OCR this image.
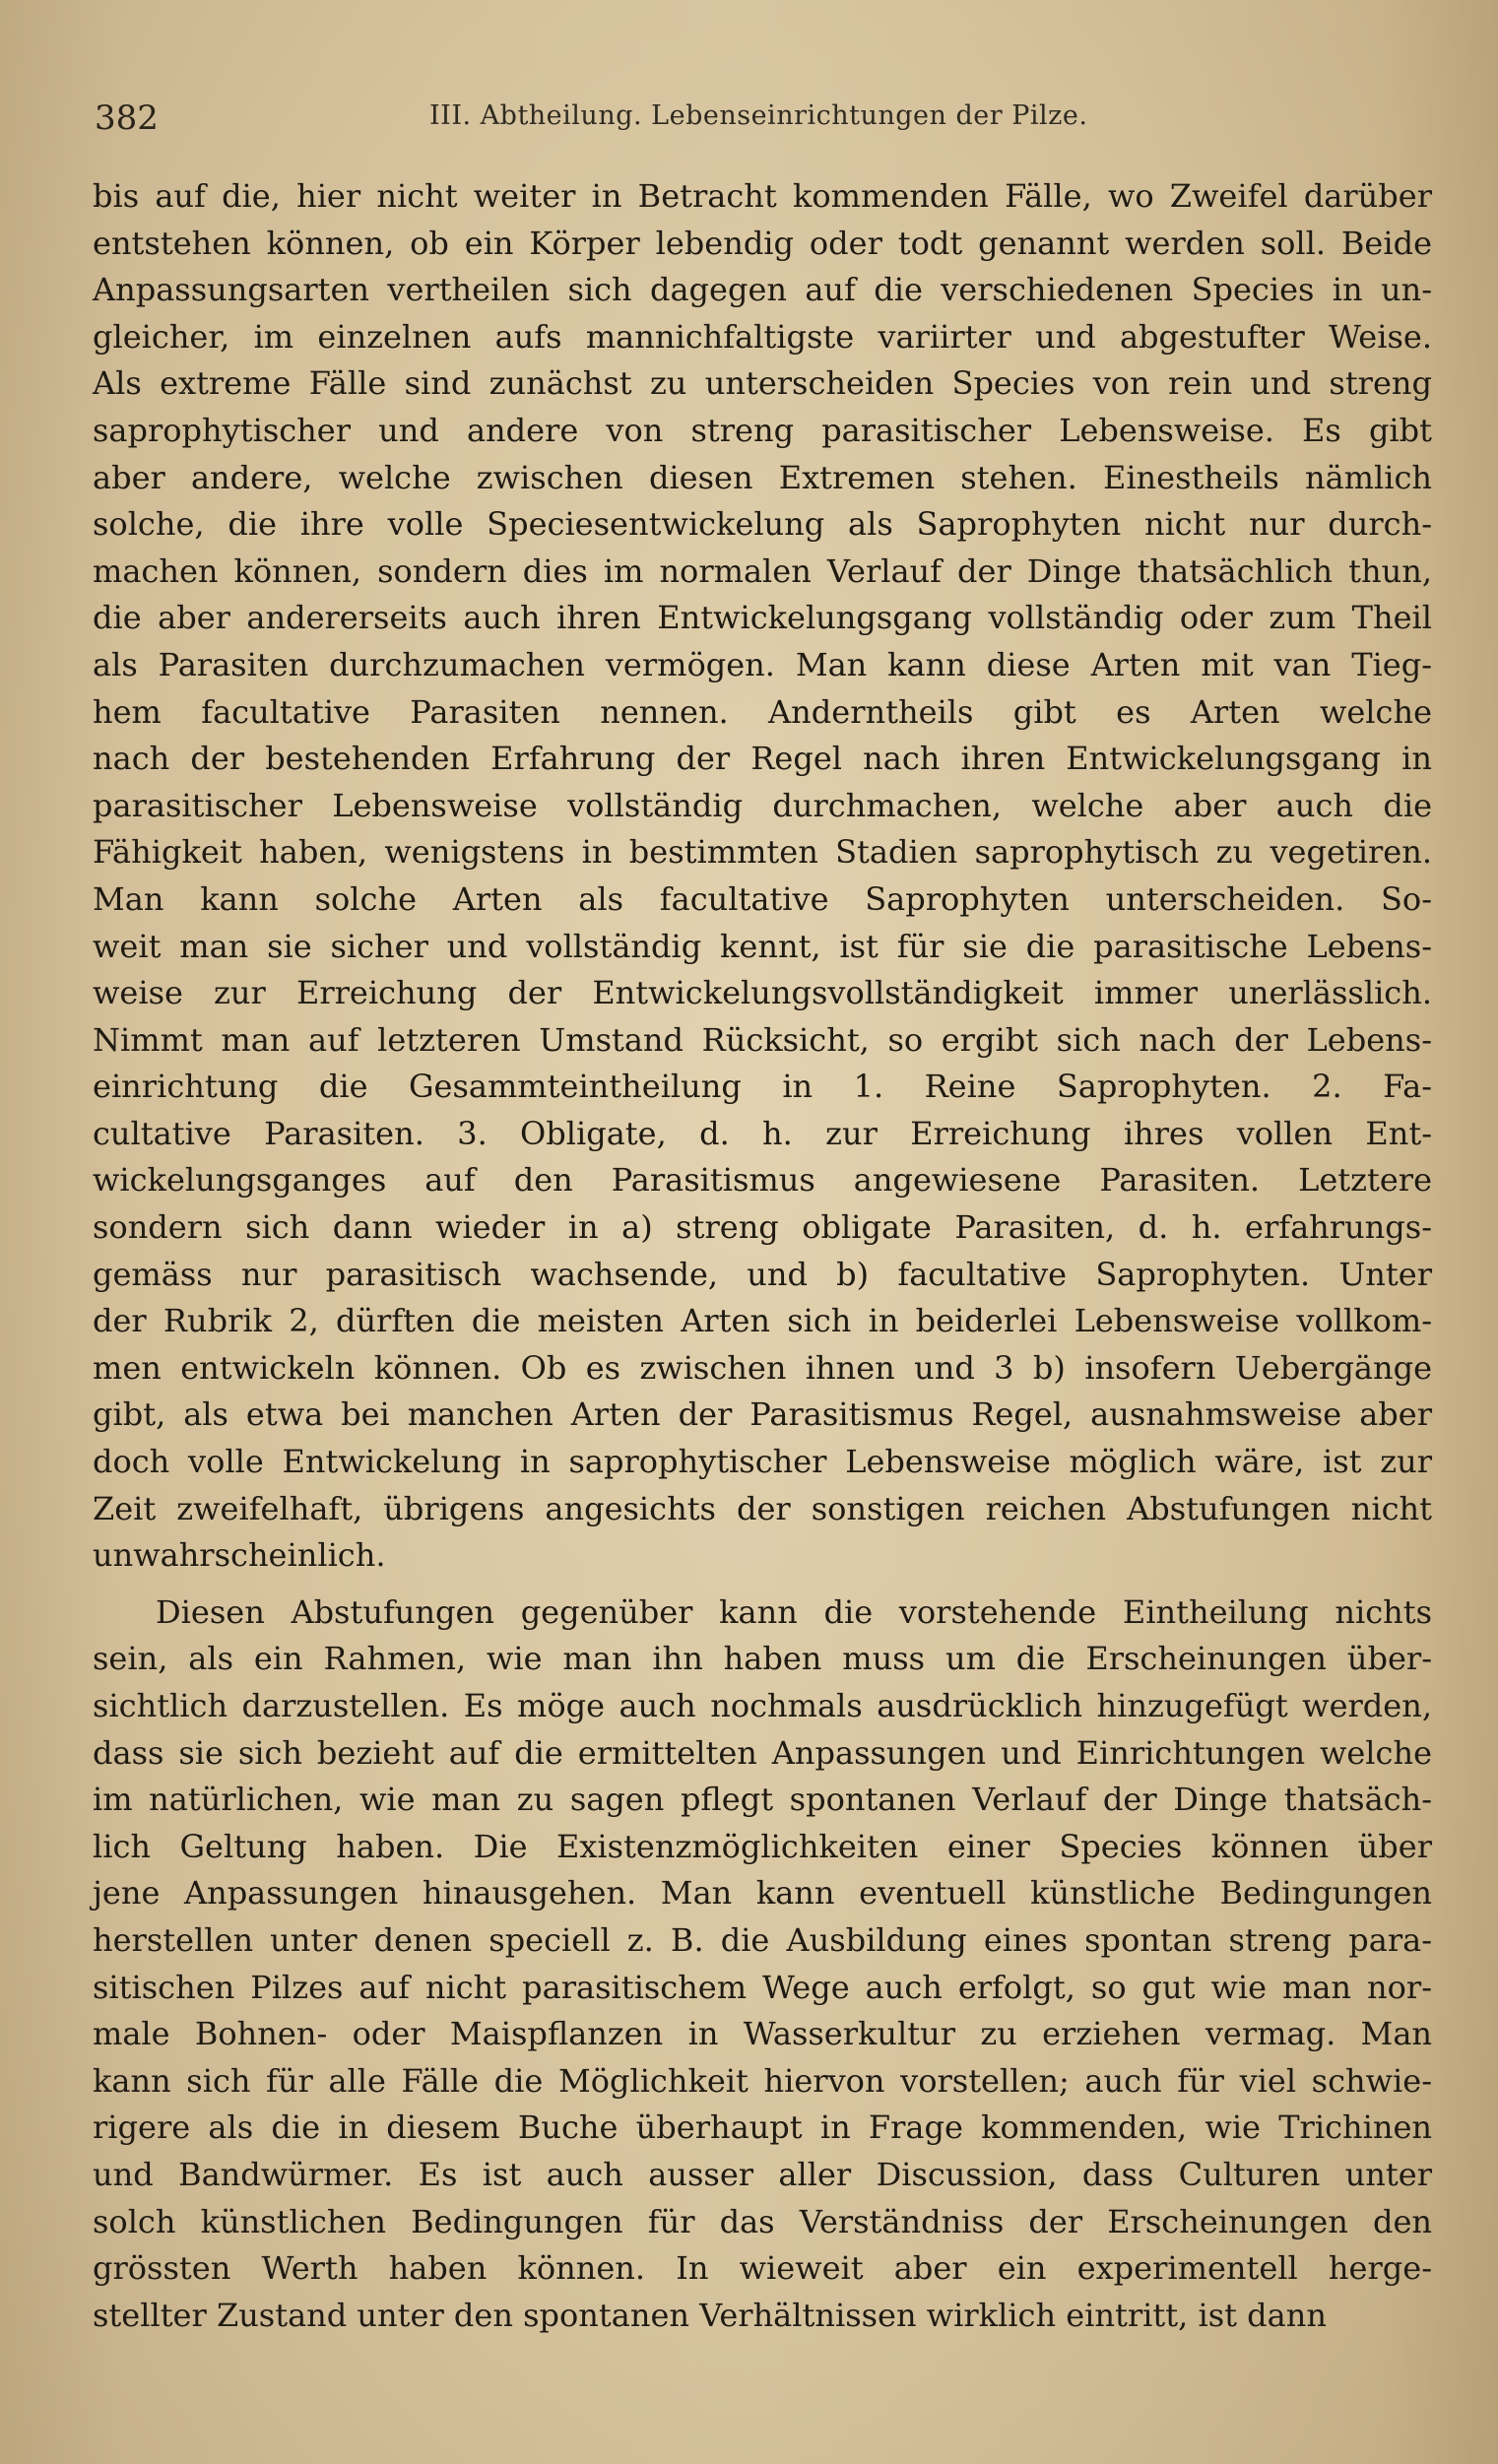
382	III. Abtheilung. Lebenseinrichtungen der Pilze.
bis auf die, hier nicht weiter in Betracht kommenden Fälle, wo Zweifel darüber
entstehen können, ob ein Körper lebendig oder todt genannt werden soll. Beide
Anpassungsarten vertheilen sich dagegen auf die verschiedenen Species in un-
gleicher, im einzelnen aufs mannichfaltigste variirter und abgestufter Weise.
Als extreme Fälle sind zunächst zu unterscheiden Species von rein und streng
saprophytischer und andere von streng parasitischer Lebensweise. Es gibt
aber andere, welche zwischen diesen Extremen stehen. Einestheils nämlich
solche, die ihre volle Speciesentwickelung als Saprophyten nicht nur durch-
machen können, sondern dies im normalen Verlauf der Dinge thatsächlich thun,
die aber andererseits auch ihren Entwickelungsgang vollständig oder zum Theil
als Parasiten durchzumachen vermögen. Man kann diese Arten mit van Tieg-
hem facultative Parasiten nennen. Anderntheils gibt es Arten welche
nach der bestehenden Erfahrung der Regel nach ihren Entwickelungsgang in
parasitischer Lebensweise vollständig durchmachen, welche aber auch die
Fähigkeit haben, wenigstens in bestimmten Stadien saprophytisch zu vegetiren.
Man kann solche Arten als facultative Saprophyten unterscheiden. So-
weit man sie sicher und vollständig kennt, ist für sie die parasitische Lebens-
weise zur Erreichung der Entwickelungsvollständigkeit immer unerlässlich.
Nimmt man auf letzteren Umstand Rücksicht, so ergibt sich nach der Lebens-
einrichtung die Gesammteintheilung in 1. Reine Saprophyten. 2. Fa-
cultative Parasiten. 3. Obligate, d. h. zur Erreichung ihres vollen Ent-
wickelungsganges auf den Parasitismus angewiesene Parasiten. Letztere
sondern sich dann wieder in a) streng obligate Parasiten, d. h. erfahrungs-
gemäss nur parasitisch wachsende, und b) facultative Saprophyten. Unter
der Rubrik 2, dürften die meisten Arten sich in beiderlei Lebensweise vollkom-
men entwickeln können. Ob es zwischen ihnen und 3 b) insofern Uebergänge
gibt, als etwa bei manchen Arten der Parasitismus Regel, ausnahmsweise aber
doch volle Entwickelung in saprophytischer Lebensweise möglich wäre, ist zur
Zeit zweifelhaft, übrigens angesichts der sonstigen reichen Abstufungen nicht
unwahrscheinlich.
Diesen Abstufungen gegenüber kann die vorstehende Eintheilung nichts
sein, als ein Rahmen, wie man ihn haben muss um die Erscheinungen über-
sichtlich darzustellen. Es möge auch nochmals ausdrücklich hinzugefügt werden,
dass sie sich bezieht auf die ermittelten Anpassungen und Einrichtungen welche
im natürlichen, wie man zu sagen pflegt spontanen Verlauf der Dinge thatsäch-
lich Geltung haben. Die Existenzmöglichkeiten einer Species können über
jene Anpassungen hinausgehen. Man kann eventuell künstliche Bedingungen
herstellen unter denen speciell z. B. die Ausbildung eines spontan streng para-
sitischen Pilzes auf nicht parasitischem Wege auch erfolgt, so gut wie man nor-
male Bohnen- oder Maispflanzen in Wasserkultur zu erziehen vermag. Man
kann sich für alle Fälle die Möglichkeit hiervon vorstellen; auch für viel schwie-
rigere als die in diesem Buche überhaupt in Frage kommenden, wie Trichinen
und Bandwürmer. Es ist auch ausser aller Discussion, dass Culturen unter
solch künstlichen Bedingungen für das Verständniss der Erscheinungen den
grössten Werth haben können. In wieweit aber ein experimentell herge-
stellter Zustand unter den spontanen Verhältnissen wirklich eintritt, ist dann
